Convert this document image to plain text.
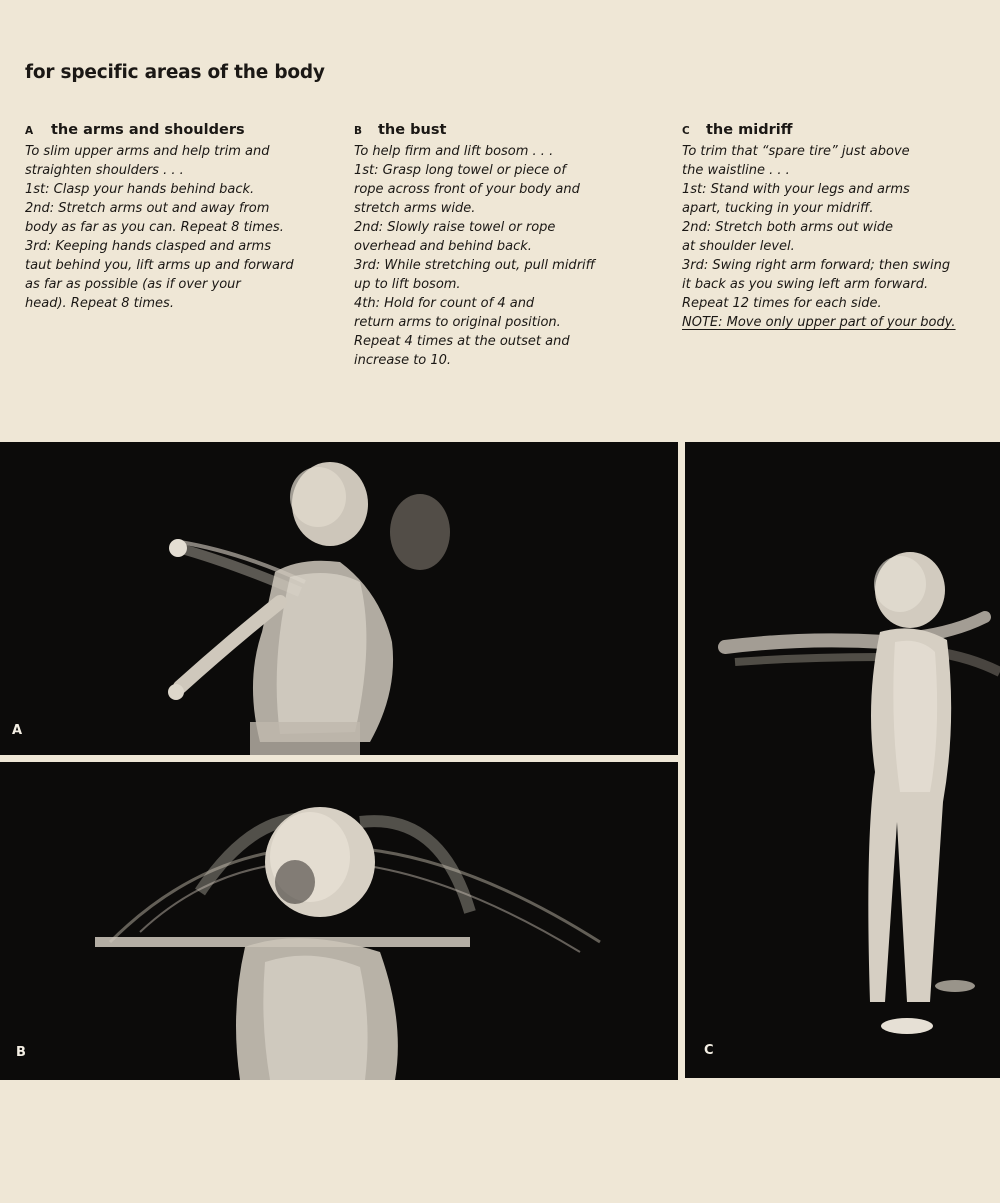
for specific areas of the body
A the arms and shoulders
To slim upper arms and help trim and
straighten shoulders . . .
1st: Clasp your hands behind back.
2nd: Stretch arms out and away from
body as far as you can. Repeat 8 times.
3rd: Keeping hands clasped and arms
taut behind you, lift arms up and forward
as far as possible (as if over your
head). Repeat 8 times.
B the bust
To help firm and lift bosom . . .
1st: Grasp long towel or piece of
rope across front of your body and
stretch arms wide.
2nd: Slowly raise towel or rope
overhead and behind back.
3rd: While stretching out, pull midriff
up to lift bosom.
4th: Hold for count of 4 and
return arms to original position.
Repeat 4 times at the outset and
increase to 10.
C the midriff
To trim that “spare tire” just above
the waistline . . .
1st: Stand with your legs and arms
apart, tucking in your midriff.
2nd: Stretch both arms out wide
at shoulder level.
3rd: Swing right arm forward; then swing
it back as you swing left arm forward.
Repeat 12 times for each side.
NOTE: Move only upper part of your body.
A
B	C
